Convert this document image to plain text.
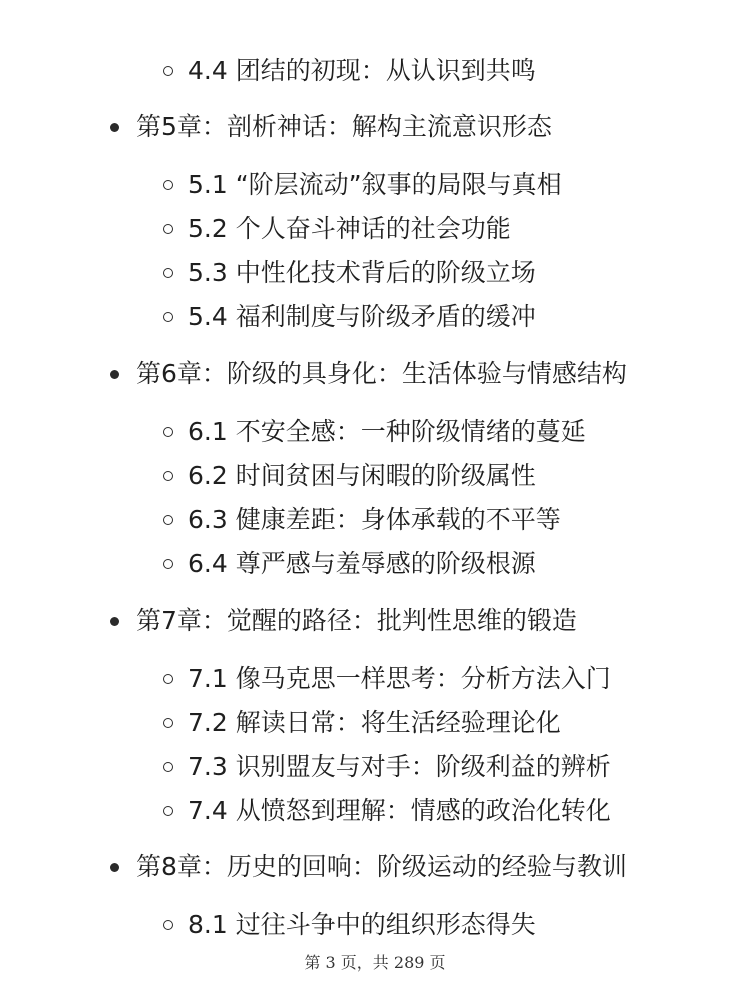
4.4 团结的初现：从认识到共鸣
第5章：剖析神话：解构主流意识形态
5.1 “阶层流动”叙事的局限与真相
5.2 个人奋斗神话的社会功能
5.3 中性化技术背后的阶级立场
5.4 福利制度与阶级矛盾的缓冲
第6章：阶级的具身化：生活体验与情感结构
6.1 不安全感：一种阶级情绪的蔓延
6.2 时间贫困与闲暇的阶级属性
6.3 健康差距：身体承载的不平等
6.4 尊严感与羞辱感的阶级根源
第7章：觉醒的路径：批判性思维的锻造
7.1 像马克思一样思考：分析方法入门
7.2 解读日常：将生活经验理论化
7.3 识别盟友与对手：阶级利益的辨析
7.4 从愤怒到理解：情感的政治化转化
第8章：历史的回响：阶级运动的经验与教训
8.1 过往斗争中的组织形态得失
第 3 页，共 289 页
